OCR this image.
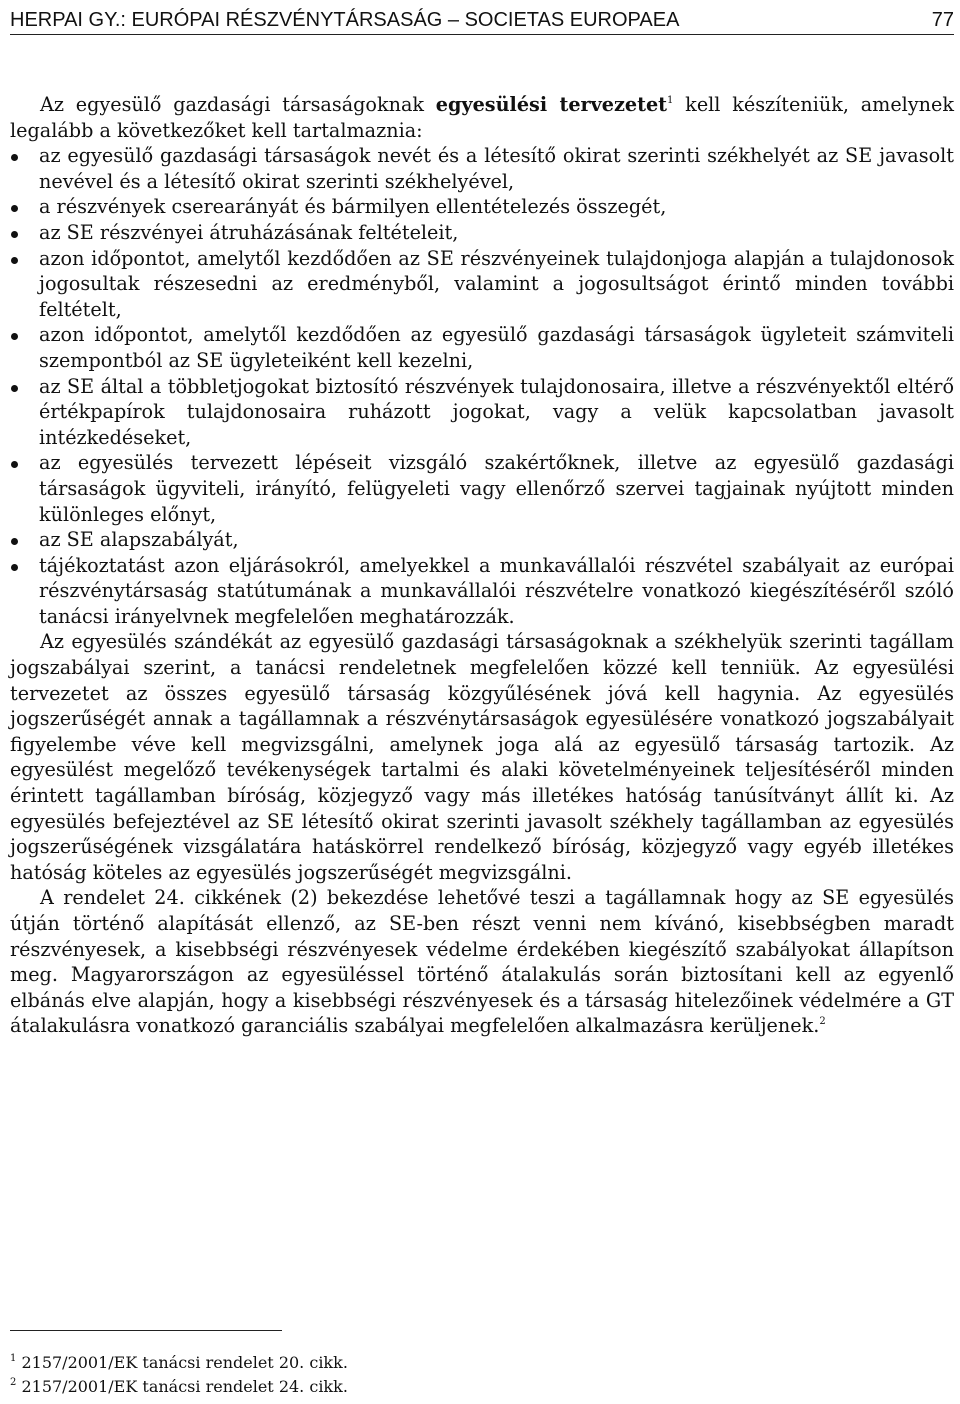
HERPAI GY.: EURÓPAI RÉSZVÉNYTÁRSASÁG – SOCIETAS EUROPAEA	77

Az egyesülő gazdasági társaságoknak egyesülési tervezetet$^1$ kell készíteniük, amelynek legalább a következőket kell tartalmaznia:

az egyesülő gazdasági társaságok nevét és a létesítő okirat szerinti székhelyét az SE javasolt nevével és a létesítő okirat szerinti székhelyével,
a részvények cserearányát és bármilyen ellentételezés összegét,
az SE részvényei átruházásának feltételeit,
azon időpontot, amelytől kezdődően az SE részvényeinek tulajdonjoga alapján a tulajdonosok jogosultak részesedni az eredményből, valamint a jogosultságot érintő minden további feltételt,
azon időpontot, amelytől kezdődően az egyesülő gazdasági társaságok ügyleteit számviteli szempontból az SE ügyleteiként kell kezelni,
az SE által a többletjogokat biztosító részvények tulajdonosaira, illetve a részvényektől eltérő értékpapírok tulajdonosaira ruházott jogokat, vagy a velük kapcsolatban javasolt intézkedéseket,
az egyesülés tervezett lépéseit vizsgáló szakértőknek, illetve az egyesülő gazdasági társaságok ügyviteli, irányító, felügyeleti vagy ellenőrző szervei tagjainak nyújtott minden különleges előnyt,
az SE alapszabályát,
tájékoztatást azon eljárásokról, amelyekkel a munkavállalói részvétel szabályait az európai részvénytársaság statútumának a munkavállalói részvételre vonatkozó kiegészítéséről szóló tanácsi irányelvnek megfelelően meghatározzák.

Az egyesülés szándékát az egyesülő gazdasági társaságoknak a székhelyük szerinti tagállam jogszabályai szerint, a tanácsi rendeletnek megfelelően közzé kell tenniük. Az egyesülési tervezetet az összes egyesülő társaság közgyűlésének jóvá kell hagynia. Az egyesülés jogszerűségét annak a tagállamnak a részvénytársaságok egyesülésére vonatkozó jogszabályait figyelembe véve kell megvizsgálni, amelynek joga alá az egyesülő társaság tartozik. Az egyesülést megelőző tevékenységek tartalmi és alaki követelményeinek teljesítéséről minden érintett tagállamban bíróság, közjegyző vagy más illetékes hatóság tanúsítványt állít ki. Az egyesülés befejeztével az SE létesítő okirat szerinti javasolt székhely tagállamban az egyesülés jogszerűségének vizsgálatára hatáskörrel rendelkező bíróság, közjegyző vagy egyéb illetékes hatóság köteles az egyesülés jogszerűségét megvizsgálni.

A rendelet 24. cikkének (2) bekezdése lehetővé teszi a tagállamnak hogy az SE egyesülés útján történő alapítását ellenző, az SE-ben részt venni nem kívánó, kisebbségben maradt részvényesek, a kisebbségi részvényesek védelme érdekében kiegészítő szabályokat állapítson meg. Magyarországon az egyesüléssel történő átalakulás során biztosítani kell az egyenlő elbánás elve alapján, hogy a kisebbségi részvényesek és a társaság hitelezőinek védelmére a GT átalakulásra vonatkozó garanciális szabályai megfelelően alkalmazásra kerüljenek.$^2$

$^1$ 2157/2001/EK tanácsi rendelet 20. cikk.

$^2$ 2157/2001/EK tanácsi rendelet 24. cikk.
